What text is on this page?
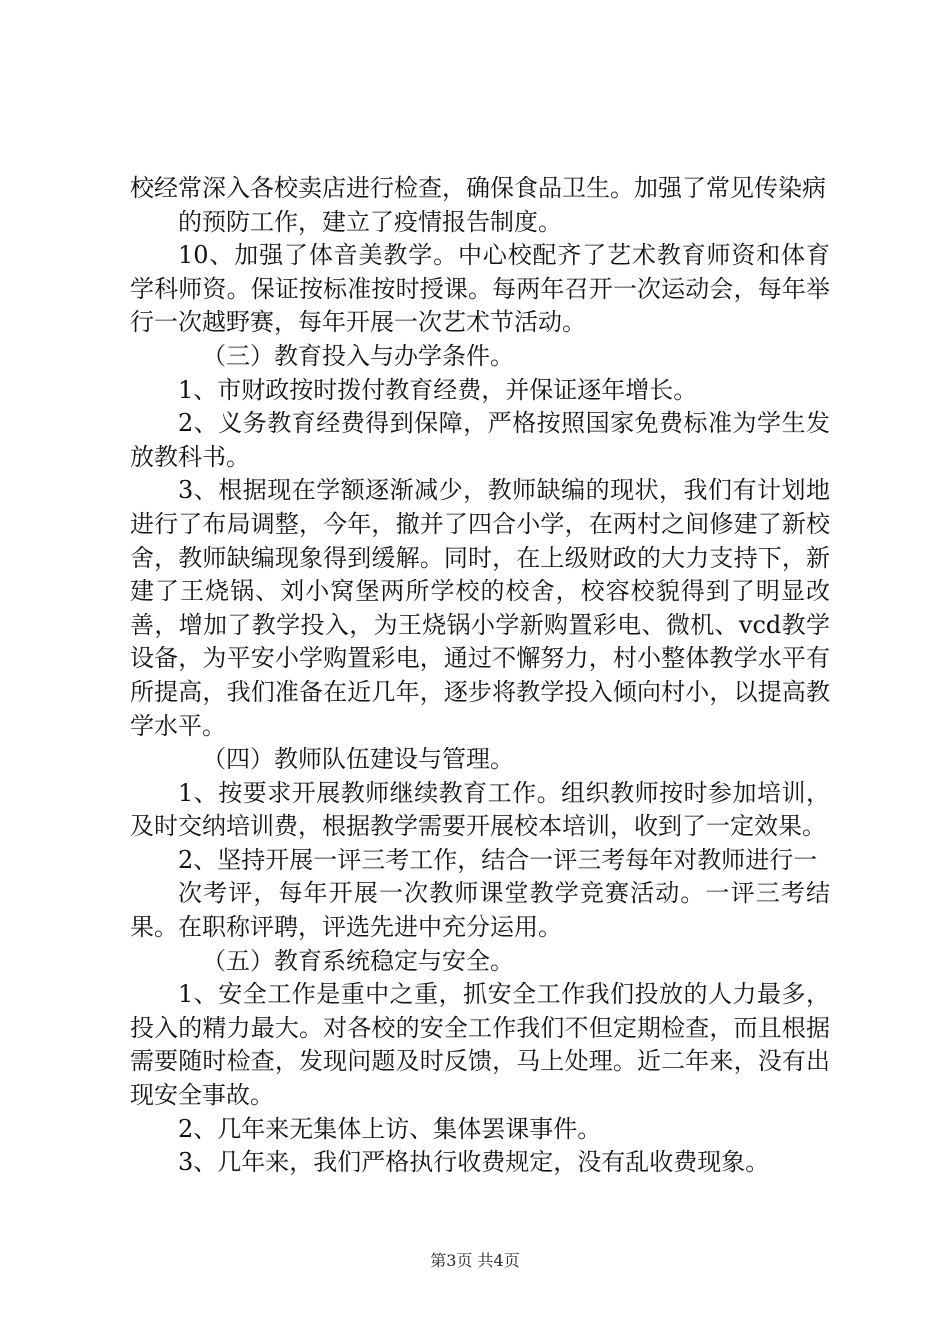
校经常深入各校卖店进行检查，确保食品卫生。加强了常见传染病

的预防工作，建立了疫情报告制度。

10、加强了体音美教学。中心校配齐了艺术教育师资和体育学科师资。保证按标准按时授课。每两年召开一次运动会，每年举行一次越野赛，每年开展一次艺术节活动。

（三）教育投入与办学条件。

1、市财政按时拨付教育经费，并保证逐年增长。

2、义务教育经费得到保障，严格按照国家免费标准为学生发放教科书。

3、根据现在学额逐渐减少，教师缺编的现状，我们有计划地进行了布局调整，今年，撤并了四合小学，在两村之间修建了新校舍，教师缺编现象得到缓解。同时，在上级财政的大力支持下，新建了王烧锅、刘小窝堡两所学校的校舍，校容校貌得到了明显改善，增加了教学投入，为王烧锅小学新购置彩电、微机、vcd教学设备，为平安小学购置彩电，通过不懈努力，村小整体教学水平有所提高，我们准备在近几年，逐步将教学投入倾向村小，以提高教学水平。

（四）教师队伍建设与管理。

1、按要求开展教师继续教育工作。组织教师按时参加培训，及时交纳培训费，根据教学需要开展校本培训，收到了一定效果。

2、坚持开展一评三考工作，结合一评三考每年对教师进行一

次考评，每年开展一次教师课堂教学竞赛活动。一评三考结果。在职称评聘，评选先进中充分运用。

（五）教育系统稳定与安全。

1、安全工作是重中之重，抓安全工作我们投放的人力最多，投入的精力最大。对各校的安全工作我们不但定期检查，而且根据需要随时检查，发现问题及时反馈，马上处理。近二年来，没有出现安全事故。

2、几年来无集体上访、集体罢课事件。

3、几年来，我们严格执行收费规定，没有乱收费现象。

第3页 共4页
